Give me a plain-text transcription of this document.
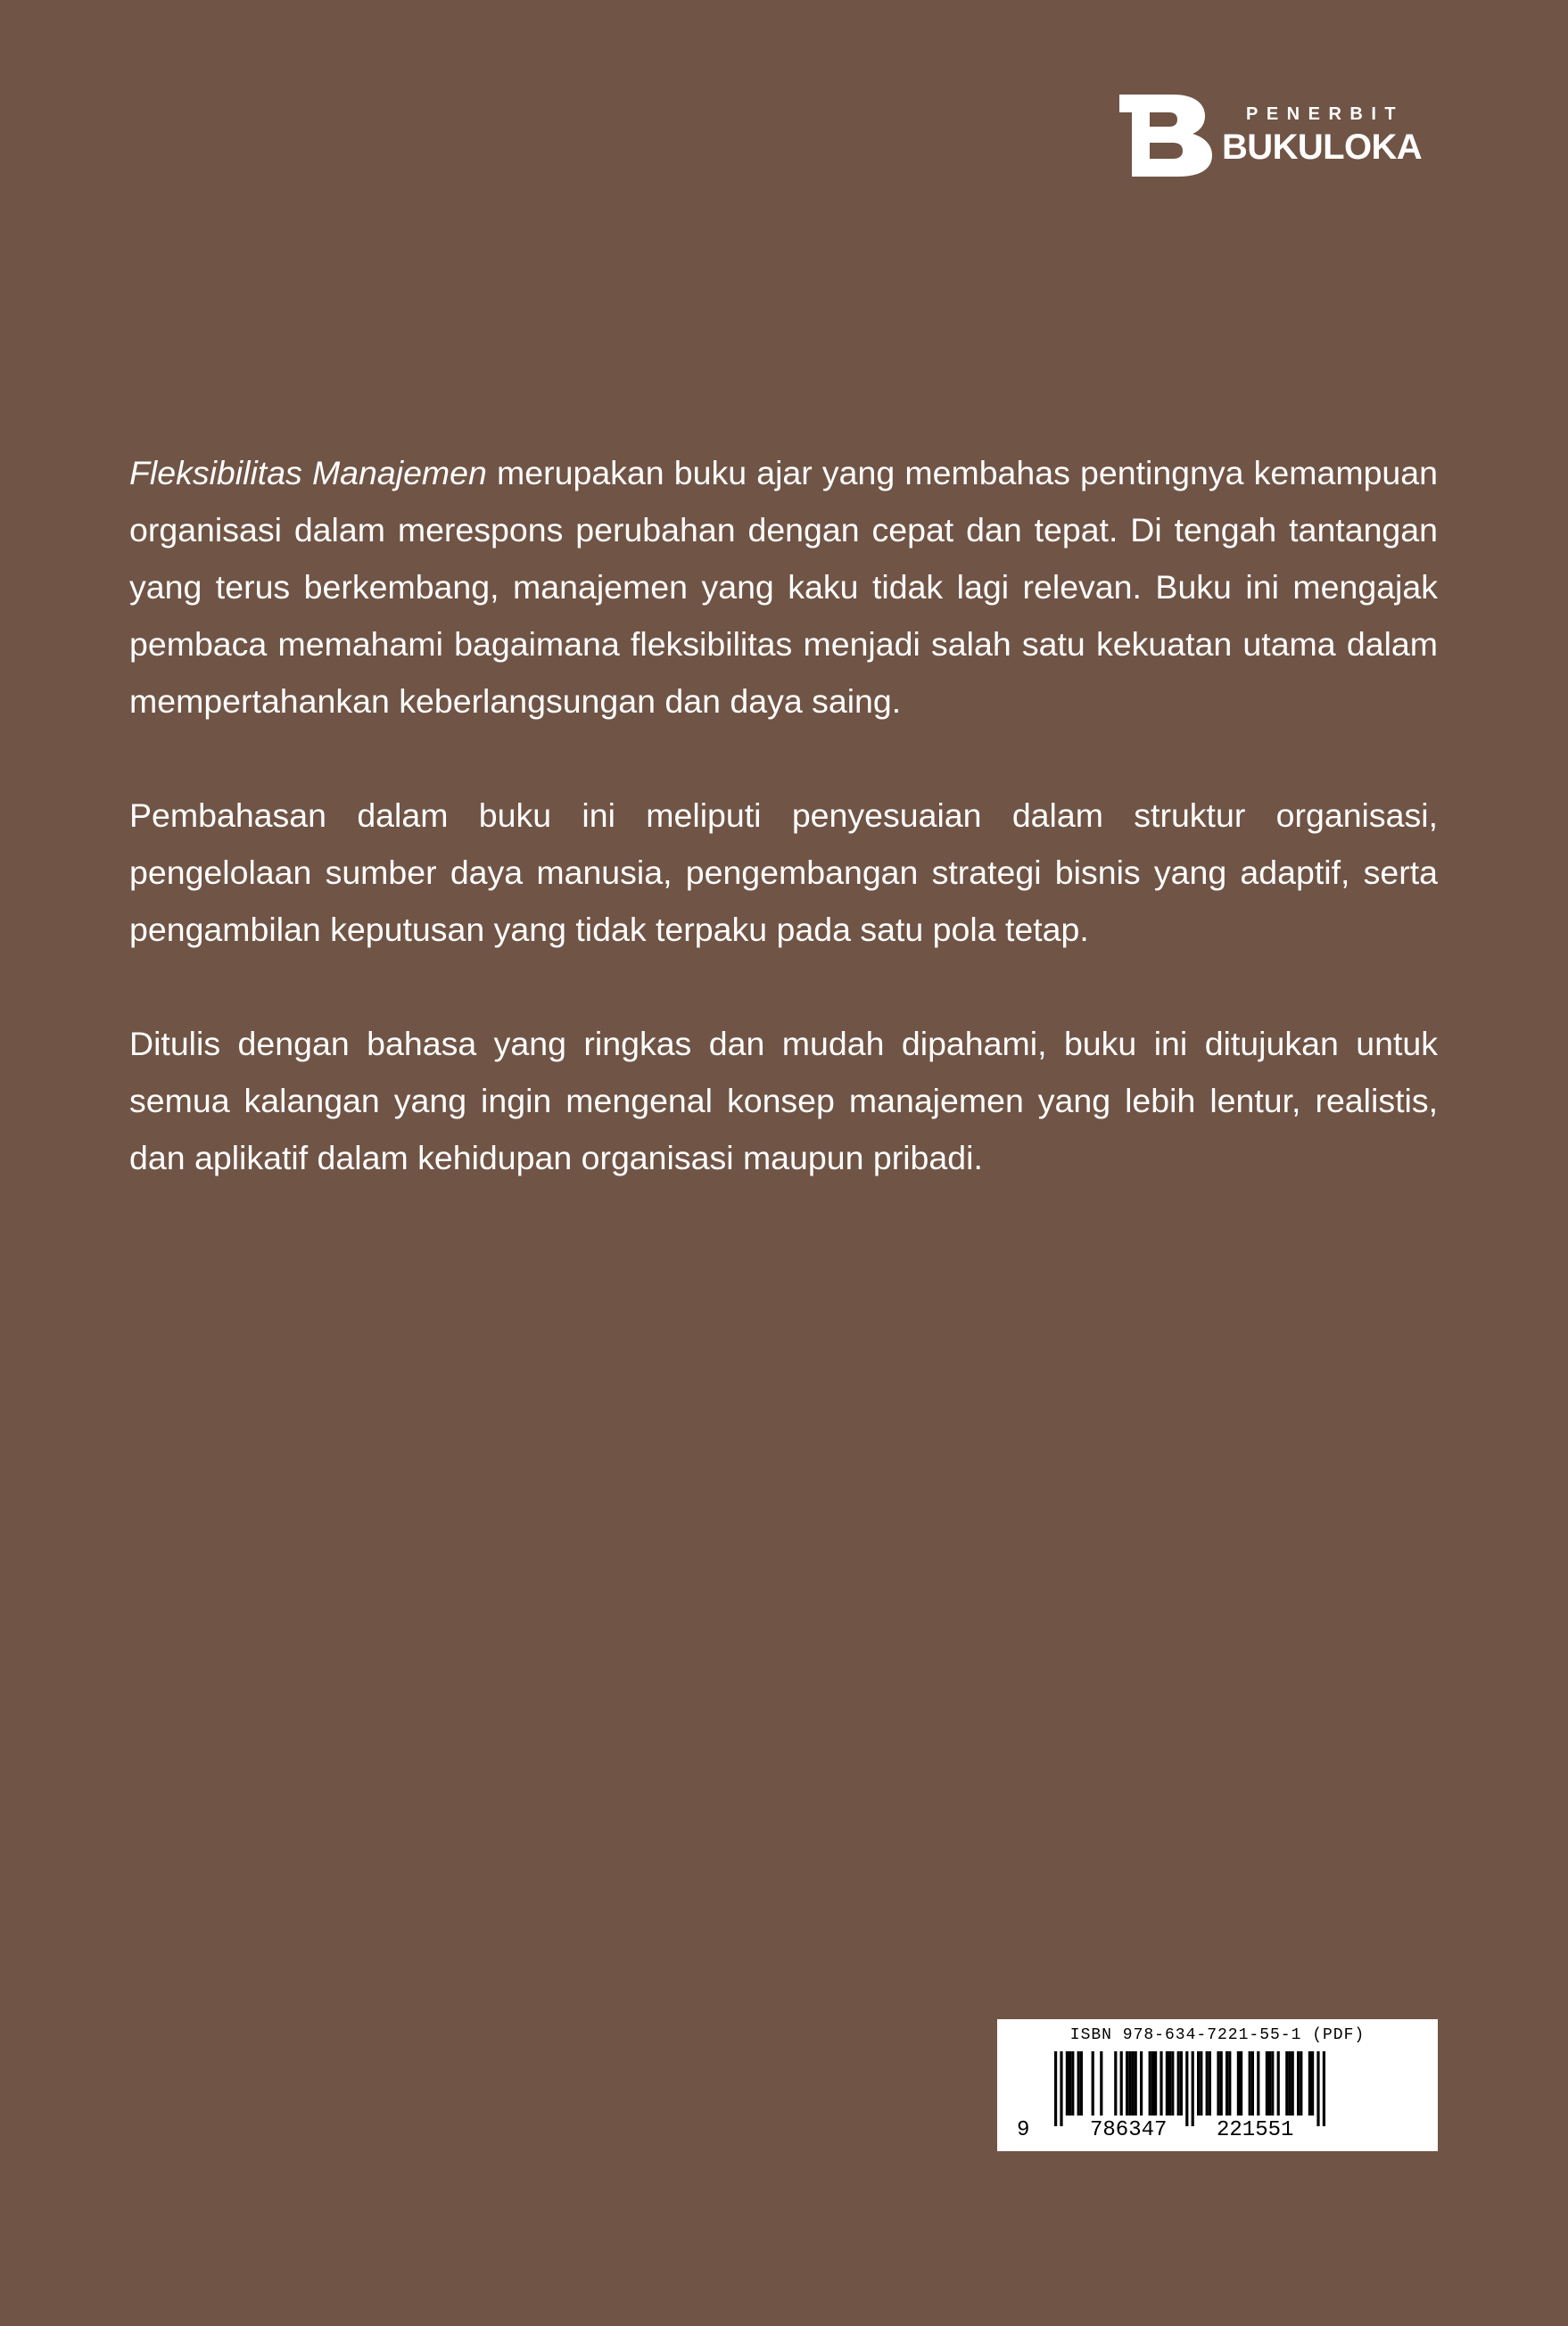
PENERBIT
BUKULOKA

Fleksibilitas Manajemen merupakan buku ajar yang membahas pentingnya kemampuan organisasi dalam merespons perubahan dengan cepat dan tepat. Di tengah tantangan yang terus berkembang, manajemen yang kaku tidak lagi relevan. Buku ini mengajak pembaca memahami bagaimana fleksibilitas menjadi salah satu kekuatan utama dalam mempertahankan keberlangsungan dan daya saing.

Pembahasan dalam buku ini meliputi penyesuaian dalam struktur organisasi, pengelolaan sumber daya manusia, pengembangan strategi bisnis yang adaptif, serta pengambilan keputusan yang tidak terpaku pada satu pola tetap.

Ditulis dengan bahasa yang ringkas dan mudah dipahami, buku ini ditujukan untuk semua kalangan yang ingin mengenal konsep manajemen yang lebih lentur, realistis, dan aplikatif dalam kehidupan organisasi maupun pribadi.

ISBN 978-634-7221-55-1 (PDF)
9	786347 221551
